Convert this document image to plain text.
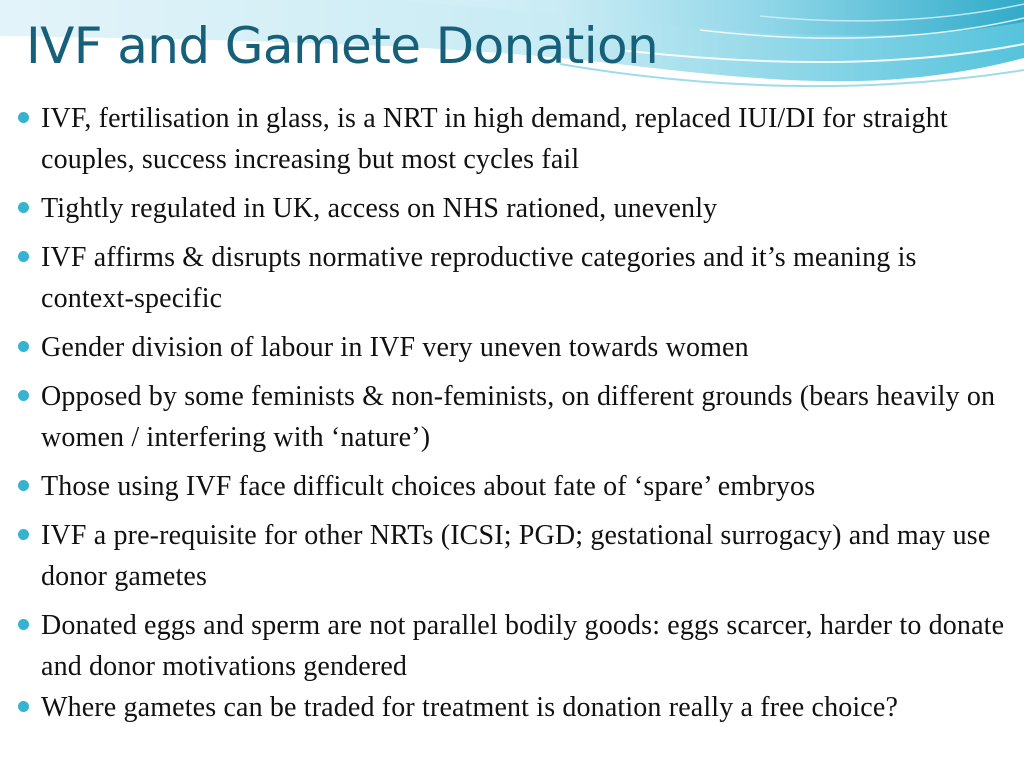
IVF and Gamete Donation
IVF, fertilisation in glass, is a NRT in high demand, replaced IUI/DI for straight couples, success increasing but most cycles fail
Tightly regulated in UK, access on NHS rationed, unevenly
IVF affirms & disrupts normative reproductive categories and it’s meaning is context-specific
Gender division of labour in IVF very uneven towards women
Opposed by some feminists & non-feminists, on different grounds (bears heavily on women / interfering with ‘nature’)
Those using IVF face difficult choices about fate of ‘spare’ embryos
IVF a pre-requisite for other NRTs (ICSI; PGD; gestational surrogacy) and may use donor gametes
Donated eggs and sperm are not parallel bodily goods: eggs scarcer, harder to donate and donor motivations gendered
Where gametes can be traded for treatment is donation really a free choice?
